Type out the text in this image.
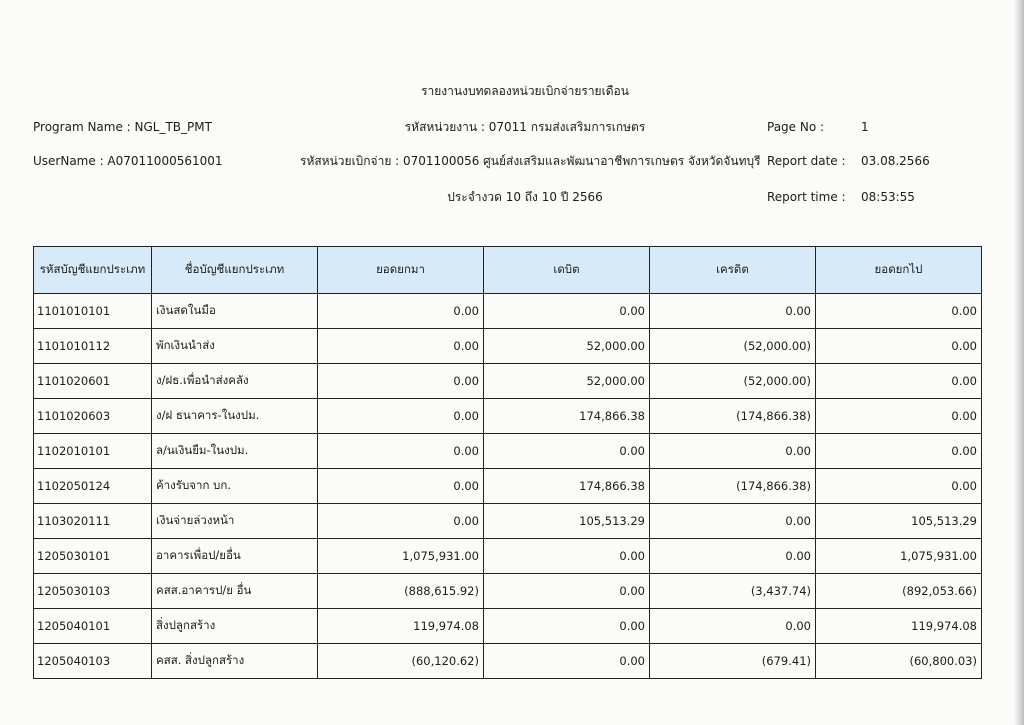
รายงานงบทดลองหน่วยเบิกจ่ายรายเดือน
Program Name : NGL_TB_PMT	รหัสหน่วยงาน : 07011 กรมส่งเสริมการเกษตร	Page No :	1
UserName : A07011000561001	รหัสหน่วยเบิกจ่าย : 0701100056 ศูนย์ส่งเสริมและพัฒนาอาชีพการเกษตร จังหวัดจันทบุรี Report date : 03.08.2566
ประจำงวด 10 ถึง 10 ปี 2566	Report time : 08:53:55
รหัสบัญชีแยกประเภท	ชื่อบัญชีแยกประเภท	ยอดยกมา	เดบิต	เครดิต	ยอดยกไป
1101010101	เงินสดในมือ	0.00	0.00	0.00	0.00
1101010112	พักเงินนำส่ง	0.00	52,000.00	(52,000.00)	0.00
1101020601	ง/ฝธ.เพื่อนำส่งคลัง	0.00	52,000.00	(52,000.00)	0.00
1101020603	ง/ฝ ธนาคาร-ในงปม.	0.00	174,866.38	(174,866.38)	0.00
1102010101	ล/นเงินยืม-ในงปม.	0.00	0.00	0.00	0.00
1102050124	ค้างรับจาก บก.	0.00	174,866.38	(174,866.38)	0.00
1103020111	เงินจ่ายล่วงหน้า	0.00	105,513.29	0.00	105,513.29
1205030101	อาคารเพื่อป/ยอื่น	1,075,931.00	0.00	0.00	1,075,931.00
1205030103	คสส.อาคารป/ย อื่น	(888,615.92)	0.00	(3,437.74)	(892,053.66)
1205040101	สิ่งปลูกสร้าง	119,974.08	0.00	0.00	119,974.08
1205040103	คสส. สิ่งปลูกสร้าง	(60,120.62)	0.00	(679.41)	(60,800.03)
